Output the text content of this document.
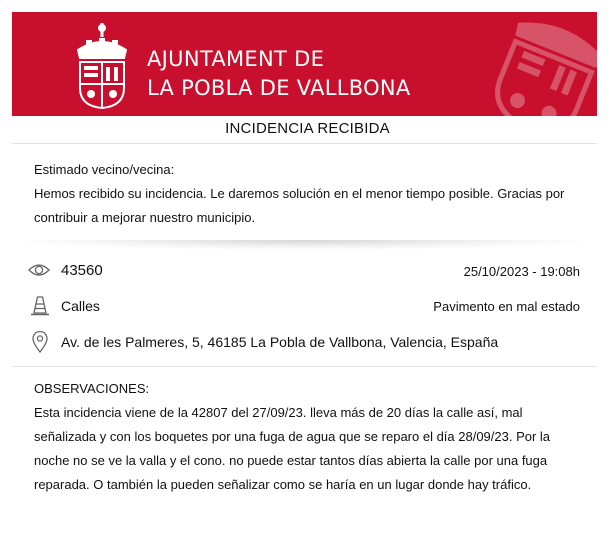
AJUNTAMENT DE
LA POBLA DE VALLBONA
INCIDENCIA RECIBIDA
Estimado vecino/vecina:
Hemos recibido su incidencia. Le daremos solución en el menor tiempo posible. Gracias por contribuir a mejorar nuestro municipio.
43560	25/10/2023 - 19:08h
Calles	Pavimento en mal estado
Av. de les Palmeres, 5, 46185 La Pobla de Vallbona, Valencia, España
OBSERVACIONES:
Esta incidencia viene de la 42807 del 27/09/23. lleva más de 20 días la calle así, mal señalizada y con los boquetes por una fuga de agua que se reparo el día 28/09/23. Por la noche no se ve la valla y el cono. no puede estar tantos días abierta la calle por una fuga reparada. O también la pueden señalizar como se haría en un lugar donde hay tráfico.
